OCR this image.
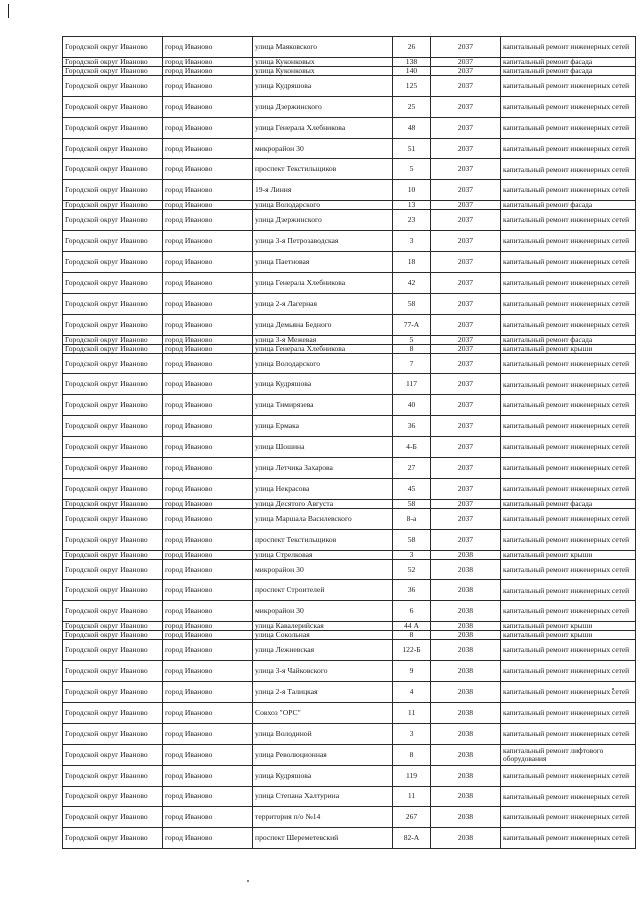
Городской округ Иваново	город Иваново	улица Маяковского	26	2037	капитальный ремонт инженерных сетей
Городской округ Иваново	город Иваново	улица Куконковых	138	2037	капитальный ремонт фасада
Городской округ Иваново	город Иваново	улица Куконковых	140	2037	капитальный ремонт фасада
Городской округ Иваново	город Иваново	улица Кудряшова	125	2037	капитальный ремонт инженерных сетей
Городской округ Иваново	город Иваново	улица Дзержинского	25	2037	капитальный ремонт инженерных сетей
Городской округ Иваново	город Иваново	улица Генерала Хлебникова	48	2037	капитальный ремонт инженерных сетей
Городской округ Иваново	город Иваново	микрорайон 30	51	2037	капитальный ремонт инженерных сетей
Городской округ Иваново	город Иваново	проспект Текстильщиков	5	2037	капитальный ремонт инженерных сетей
Городской округ Иваново	город Иваново	19-я Линия	10	2037	капитальный ремонт инженерных сетей
Городской округ Иваново	город Иваново	улица Володарского	13	2037	капитальный ремонт фасада
Городской округ Иваново	город Иваново	улица Дзержинского	23	2037	капитальный ремонт инженерных сетей
Городской округ Иваново	город Иваново	улица 3-я Петрозаводская	3	2037	капитальный ремонт инженерных сетей
Городской округ Иваново	город Иваново	улица Паетновая	18	2037	капитальный ремонт инженерных сетей
Городской округ Иваново	город Иваново	улица Генерала Хлебникова	42	2037	капитальный ремонт инженерных сетей
Городской округ Иваново	город Иваново	улица 2-я Лагерная	58	2037	капитальный ремонт инженерных сетей
Городской округ Иваново	город Иваново	улица Демьяна Бедного	77-А	2037	капитальный ремонт инженерных сетей
Городской округ Иваново	город Иваново	улица 3-я Межевая	5	2037	капитальный ремонт фасада
Городской округ Иваново	город Иваново	улица Генерала Хлебникова	8	2037	капитальный ремонт крыши
Городской округ Иваново	город Иваново	улица Володарского	7	2037	капитальный ремонт инженерных сетей
Городской округ Иваново	город Иваново	улица Кудряшова	117	2037	капитальный ремонт инженерных сетей
Городской округ Иваново	город Иваново	улица Тимирязева	40	2037	капитальный ремонт инженерных сетей
Городской округ Иваново	город Иваново	улица Ермака	36	2037	капитальный ремонт инженерных сетей
Городской округ Иваново	город Иваново	улица Шошина	4-Б	2037	капитальный ремонт инженерных сетей
Городской округ Иваново	город Иваново	улица Летчика Захарова	27	2037	капитальный ремонт инженерных сетей
Городской округ Иваново	город Иваново	улица Некрасова	45	2037	капитальный ремонт инженерных сетей
Городской округ Иваново	город Иваново	улица Десятого Августа	58	2037	капитальный ремонт фасада
Городской округ Иваново	город Иваново	улица Маршала Василевского	8-а	2037	капитальный ремонт инженерных сетей
Городской округ Иваново	город Иваново	проспект Текстильщиков	58	2037	капитальный ремонт инженерных сетей
Городской округ Иваново	город Иваново	улица Стрелковая	3	2038	капитальный ремонт крыши
Городской округ Иваново	город Иваново	микрорайон 30	52	2038	капитальный ремонт инженерных сетей
Городской округ Иваново	город Иваново	проспект Строителей	36	2038	капитальный ремонт инженерных сетей
Городской округ Иваново	город Иваново	микрорайон 30	6	2038	капитальный ремонт инженерных сетей
Городской округ Иваново	город Иваново	улица Кавалерийская	44 А	2038	капитальный ремонт крыши
Городской округ Иваново	город Иваново	улица Сокольная	8	2038	капитальный ремонт крыши
Городской округ Иваново	город Иваново	улица Лежневская	122-Б	2038	капитальный ремонт инженерных сетей
Городской округ Иваново	город Иваново	улица 3-я Чайковского	9	2038	капитальный ремонт инженерных сетей
Городской округ Иваново	город Иваново	улица 2-я Талицкая	4	2038	капитальный ремонт инженерных сетей
Городской округ Иваново	город Иваново	Совхоз "ОРС"	11	2038	капитальный ремонт инженерных сетей
Городской округ Иваново	город Иваново	улица Володиной	3	2038	капитальный ремонт инженерных сетей
Городской округ Иваново	город Иваново	улица Революционная	8	2038	капитальный ремонт лифтового оборудования
Городской округ Иваново	город Иваново	улица Кудряшова	119	2038	капитальный ремонт инженерных сетей
Городской округ Иваново	город Иваново	улица Степана Халтурина	11	2038	капитальный ремонт инженерных сетей
Городской округ Иваново	город Иваново	территория п/о №14	267	2038	капитальный ремонт инженерных сетей
Городской округ Иваново	город Иваново	проспект Шереметевский	82-А	2038	капитальный ремонт инженерных сетей
